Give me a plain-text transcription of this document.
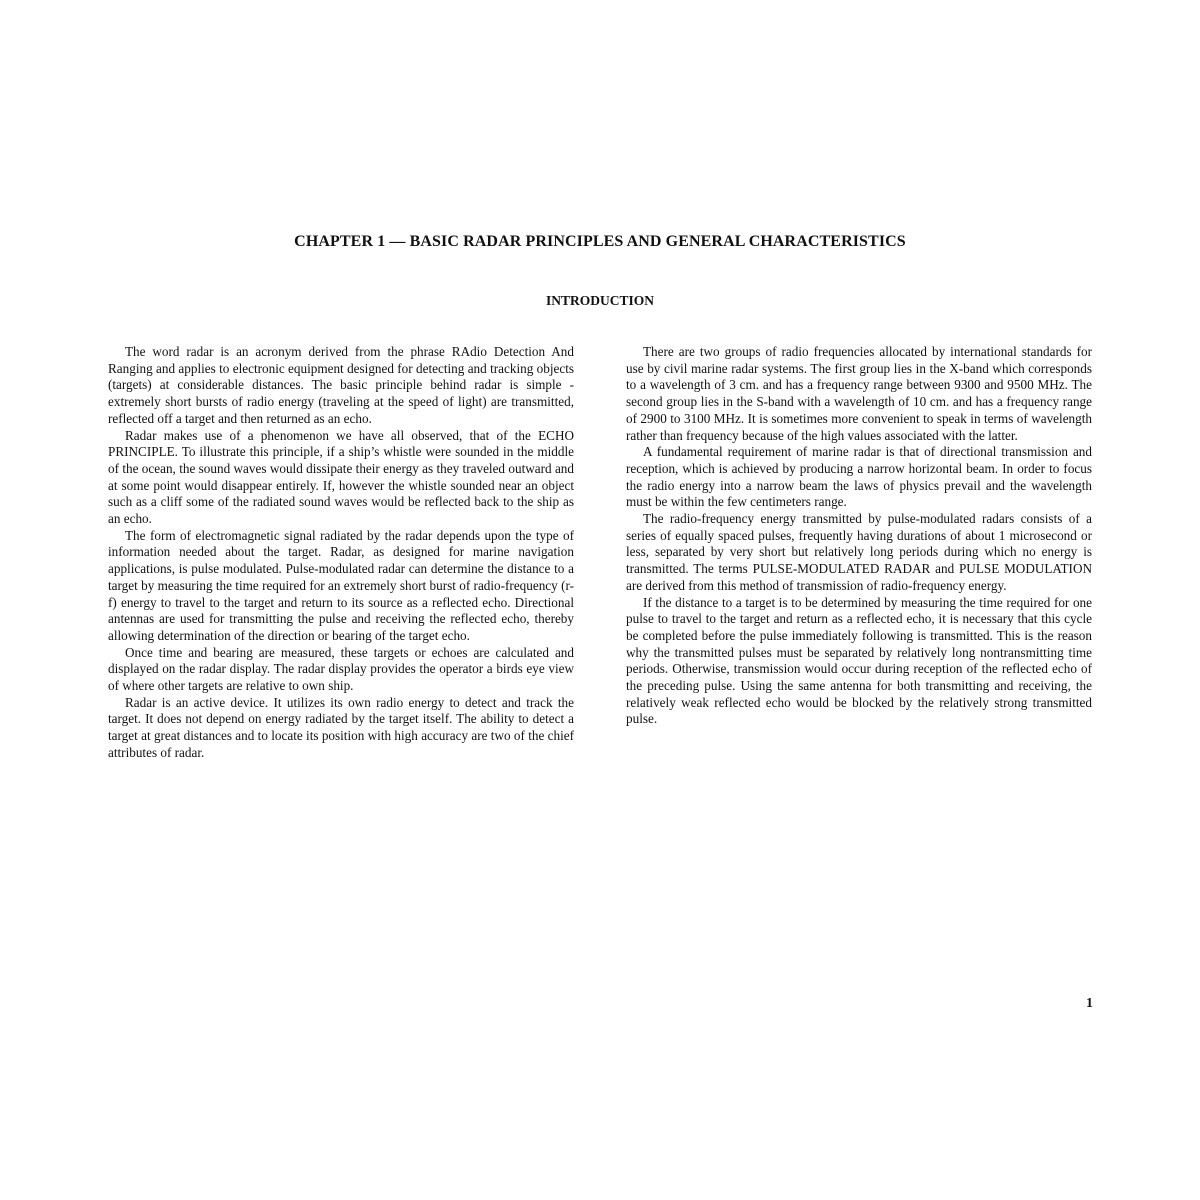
CHAPTER 1 — BASIC RADAR PRINCIPLES AND GENERAL CHARACTERISTICS
INTRODUCTION

The word radar is an acronym derived from the phrase RAdio Detection And Ranging and applies to electronic equipment designed for detecting and tracking objects (targets) at considerable distances. The basic principle behind radar is simple - extremely short bursts of radio energy (traveling at the speed of light) are transmitted, reflected off a target and then returned as an echo.

Radar makes use of a phenomenon we have all observed, that of the ECHO PRINCIPLE. To illustrate this principle, if a ship’s whistle were sounded in the middle of the ocean, the sound waves would dissipate their energy as they traveled outward and at some point would disappear entirely. If, however the whistle sounded near an object such as a cliff some of the radiated sound waves would be reflected back to the ship as an echo.

The form of electromagnetic signal radiated by the radar depends upon the type of information needed about the target. Radar, as designed for marine navigation applications, is pulse modulated. Pulse-modulated radar can determine the distance to a target by measuring the time required for an extremely short burst of radio-frequency (r-f) energy to travel to the target and return to its source as a reflected echo. Directional antennas are used for transmitting the pulse and receiving the reflected echo, thereby allowing determination of the direction or bearing of the target echo.

Once time and bearing are measured, these targets or echoes are calculated and displayed on the radar display. The radar display provides the operator a birds eye view of where other targets are relative to own ship.

Radar is an active device. It utilizes its own radio energy to detect and track the target. It does not depend on energy radiated by the target itself. The ability to detect a target at great distances and to locate its position with high accuracy are two of the chief attributes of radar.

There are two groups of radio frequencies allocated by international standards for use by civil marine radar systems. The first group lies in the X-band which corresponds to a wavelength of 3 cm. and has a frequency range between 9300 and 9500 MHz. The second group lies in the S-band with a wavelength of 10 cm. and has a frequency range of 2900 to 3100 MHz. It is sometimes more convenient to speak in terms of wavelength rather than frequency because of the high values associated with the latter.

A fundamental requirement of marine radar is that of directional transmission and reception, which is achieved by producing a narrow horizontal beam. In order to focus the radio energy into a narrow beam the laws of physics prevail and the wavelength must be within the few centimeters range.

The radio-frequency energy transmitted by pulse-modulated radars consists of a series of equally spaced pulses, frequently having durations of about 1 microsecond or less, separated by very short but relatively long periods during which no energy is transmitted. The terms PULSE-MODULATED RADAR and PULSE MODULATION are derived from this method of transmission of radio-frequency energy.

If the distance to a target is to be determined by measuring the time required for one pulse to travel to the target and return as a reflected echo, it is necessary that this cycle be completed before the pulse immediately following is transmitted. This is the reason why the transmitted pulses must be separated by relatively long nontransmitting time periods. Otherwise, transmission would occur during reception of the reflected echo of the preceding pulse. Using the same antenna for both transmitting and receiving, the relatively weak reflected echo would be blocked by the relatively strong transmitted pulse.

1
